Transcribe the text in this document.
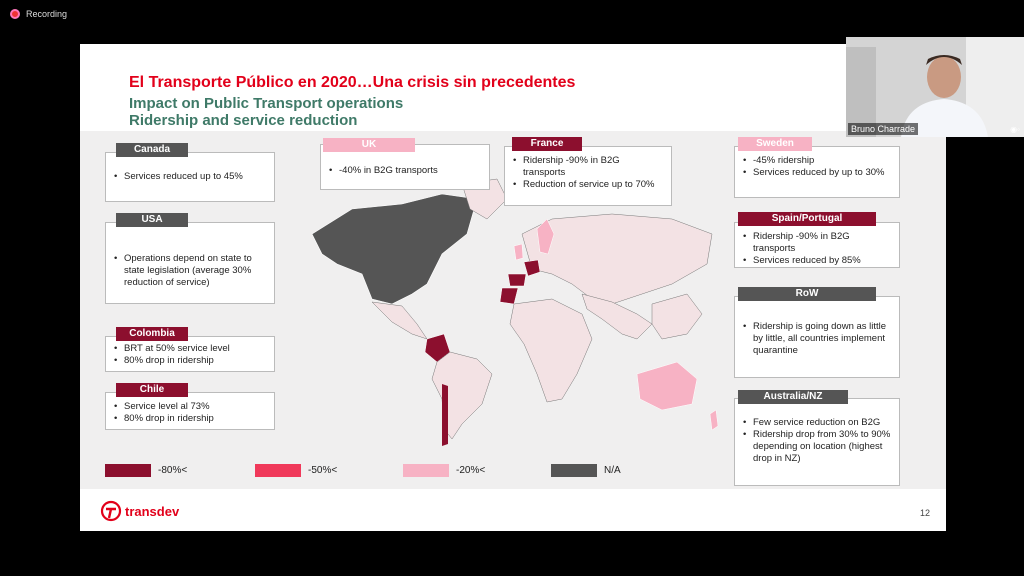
Recording
El Transporte Público en 2020…Una crisis sin precedentes
Impact on Public Transport operations
Ridership and service reduction
• Services reduced up to 45%
Canada
• Operations depend on state to state legislation (average 30% reduction of service)
USA
• BRT at 50% service level
• 80% drop in ridership
Colombia
• Service level al 73%
• 80% drop in ridership
Chile
• -40% in B2G transports
UK
• Ridership -90% in B2G transports
• Reduction of service up to 70%
France
• -45% ridership
• Services reduced by up to 30%
Sweden
• Ridership -90% in B2G transports
• Services reduced by 85%
Spain/Portugal
• Ridership is going down as little by little, all countries implement quarantine
RoW
• Few service reduction on B2G
• Ridership drop from 30% to 90% depending on location (highest drop in NZ)
Australia/NZ
-80%<	-50%<	-20%<	N/A
transdev	12
Bruno Charrade	◉◦
